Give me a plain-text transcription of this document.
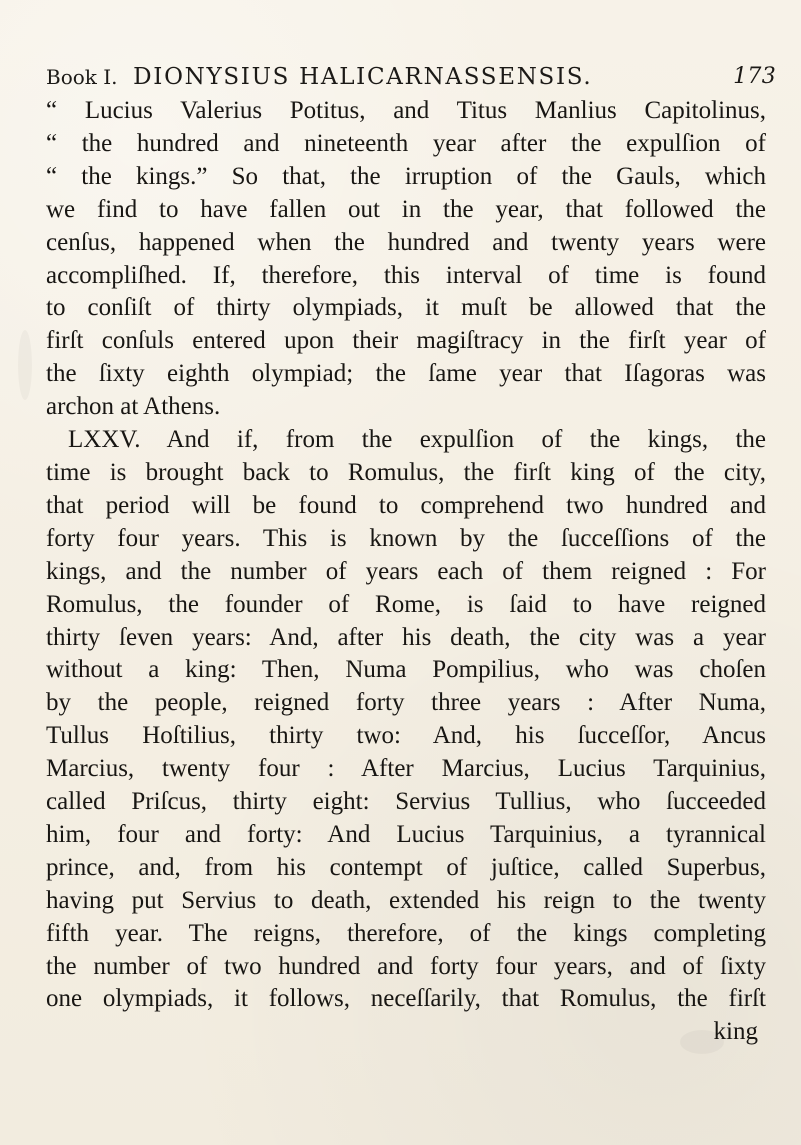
Book I. DIONYSIUS HALICARNASSENSIS.	173
“ Lucius Valerius Potitus, and Titus Manlius Capitolinus,
“ the hundred and nineteenth year after the expulſion of
“ the kings.” So that, the irruption of the Gauls, which
we find to have fallen out in the year, that followed the
cenſus, happened when the hundred and twenty years were
accompliſhed. If, therefore, this interval of time is found
to conſiſt of thirty olympiads, it muſt be allowed that the
firſt conſuls entered upon their magiſtracy in the firſt year of
the ſixty eighth olympiad; the ſame year that Iſagoras was
archon at Athens.
LXXV. And if, from the expulſion of the kings, the
time is brought back to Romulus, the firſt king of the city,
that period will be found to comprehend two hundred and
forty four years. This is known by the ſucceſſions of the
kings, and the number of years each of them reigned : For
Romulus, the founder of Rome, is ſaid to have reigned
thirty ſeven years: And, after his death, the city was a year
without a king: Then, Numa Pompilius, who was choſen
by the people, reigned forty three years : After Numa,
Tullus Hoſtilius, thirty two: And, his ſucceſſor, Ancus
Marcius, twenty four : After Marcius, Lucius Tarquinius,
called Priſcus, thirty eight: Servius Tullius, who ſucceeded
him, four and forty: And Lucius Tarquinius, a tyrannical
prince, and, from his contempt of juſtice, called Superbus,
having put Servius to death, extended his reign to the twenty
fifth year. The reigns, therefore, of the kings completing
the number of two hundred and forty four years, and of ſixty
one olympiads, it follows, neceſſarily, that Romulus, the firſt
king
